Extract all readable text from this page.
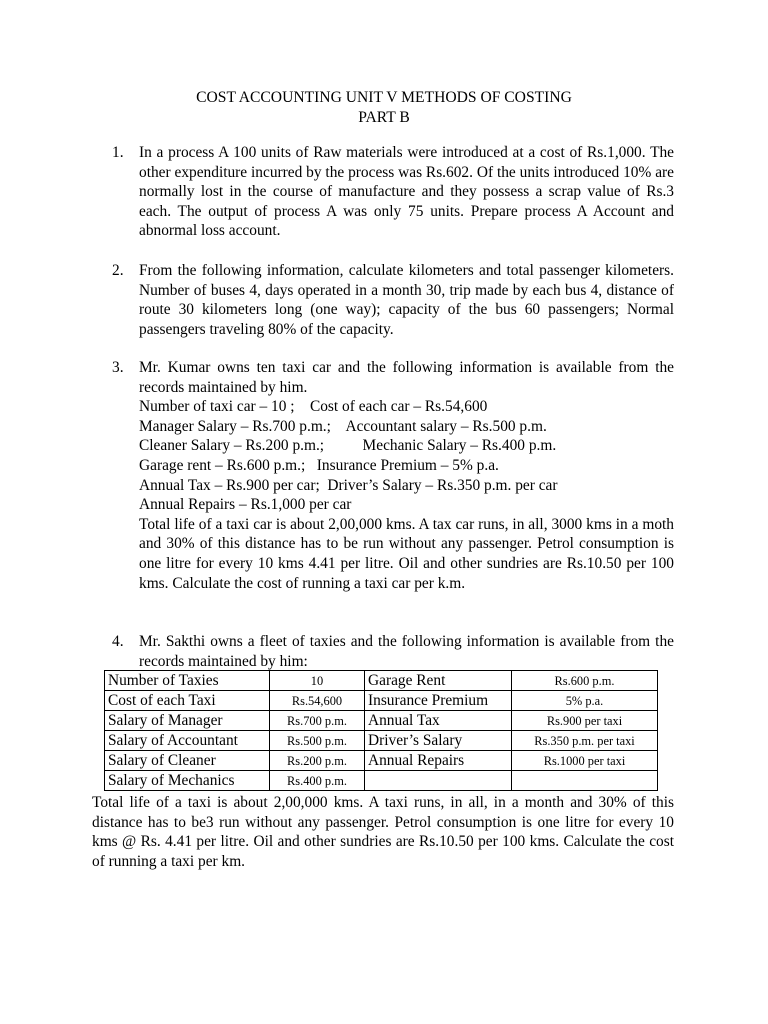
COST ACCOUNTING UNIT V METHODS OF COSTING
PART B
1. In a process A 100 units of Raw materials were introduced at a cost of Rs.1,000. The other expenditure incurred by the process was Rs.602. Of the units introduced 10% are normally lost in the course of manufacture and they possess a scrap value of Rs.3 each. The output of process A was only 75 units. Prepare process A Account and abnormal loss account.

2. From the following information, calculate kilometers and total passenger kilometers. Number of buses 4, days operated in a month 30, trip made by each bus 4, distance of route 30 kilometers long (one way); capacity of the bus 60 passengers; Normal passengers traveling 80% of the capacity.

3. Mr. Kumar owns ten taxi car and the following information is available from the records maintained by him.

Number of taxi car – 10 ;    Cost of each car – Rs.54,600
Manager Salary – Rs.700 p.m.;    Accountant salary – Rs.500 p.m.
Cleaner Salary – Rs.200 p.m.;          Mechanic Salary – Rs.400 p.m.
Garage rent – Rs.600 p.m.;   Insurance Premium – 5% p.a.
Annual Tax – Rs.900 per car;  Driver’s Salary – Rs.350 p.m. per car
Annual Repairs – Rs.1,000 per car

Total life of a taxi car is about 2,00,000 kms. A tax car runs, in all, 3000 kms in a moth and 30% of this distance has to be run without any passenger. Petrol consumption is one litre for every 10 kms 4.41 per litre. Oil and other sundries are Rs.10.50 per 100 kms. Calculate the cost of running a taxi car per k.m.

4. Mr. Sakthi owns a fleet of taxies and the following information is available from the records maintained by him:

Number of Taxies	10	Garage Rent	Rs.600 p.m.
Cost of each Taxi	Rs.54,600	Insurance Premium	5% p.a.
Salary of Manager	Rs.700 p.m.	Annual Tax	Rs.900 per taxi
Salary of Accountant	Rs.500 p.m.	Driver’s Salary	Rs.350 p.m. per taxi
Salary of Cleaner	Rs.200 p.m.	Annual Repairs	Rs.1000 per taxi
Salary of Mechanics	Rs.400 p.m.		

Total life of a taxi is about 2,00,000 kms. A taxi runs, in all, in a month and 30% of this distance has to be3 run without any passenger. Petrol consumption is one litre for every 10 kms @ Rs. 4.41 per litre. Oil and other sundries are Rs.10.50 per 100 kms. Calculate the cost of running a taxi per km.
